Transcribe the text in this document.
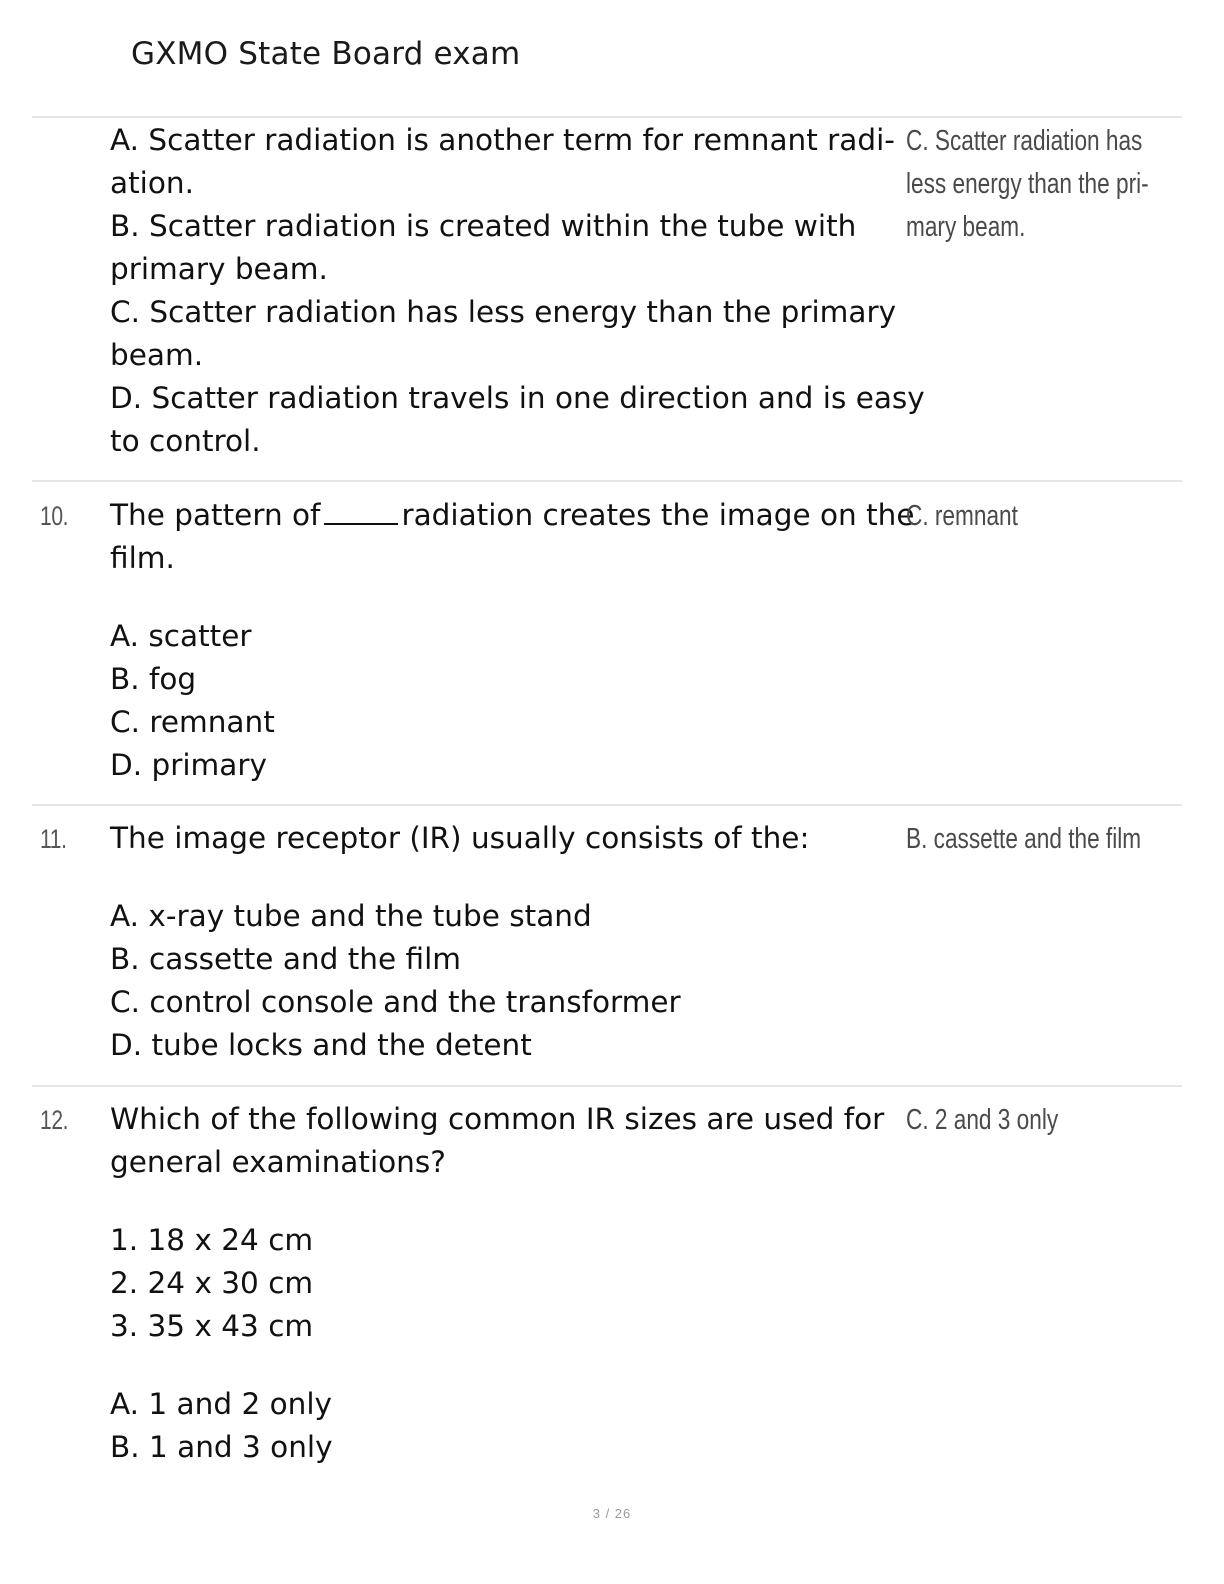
GXMO State Board exam
A. Scatter radiation is another term for remnant radi-
ation.
B. Scatter radiation is created within the tube with
primary beam.
C. Scatter radiation has less energy than the primary
beam.
D. Scatter radiation travels in one direction and is easy
to control.
C. Scatter radiation has
less energy than the pri-
mary beam.
10. The pattern of	radiation creates the image on the
film.
A. scatter
B. fog
C. remnant
D. primary
C. remnant
11. The image receptor (IR) usually consists of the:
A. x-ray tube and the tube stand
B. cassette and the film
C. control console and the transformer
D. tube locks and the detent
B. cassette and the film
12. Which of the following common IR sizes are used for
general examinations?
1. 18 x 24 cm
2. 24 x 30 cm
3. 35 x 43 cm
A. 1 and 2 only
B. 1 and 3 only
C. 2 and 3 only
3 / 26
